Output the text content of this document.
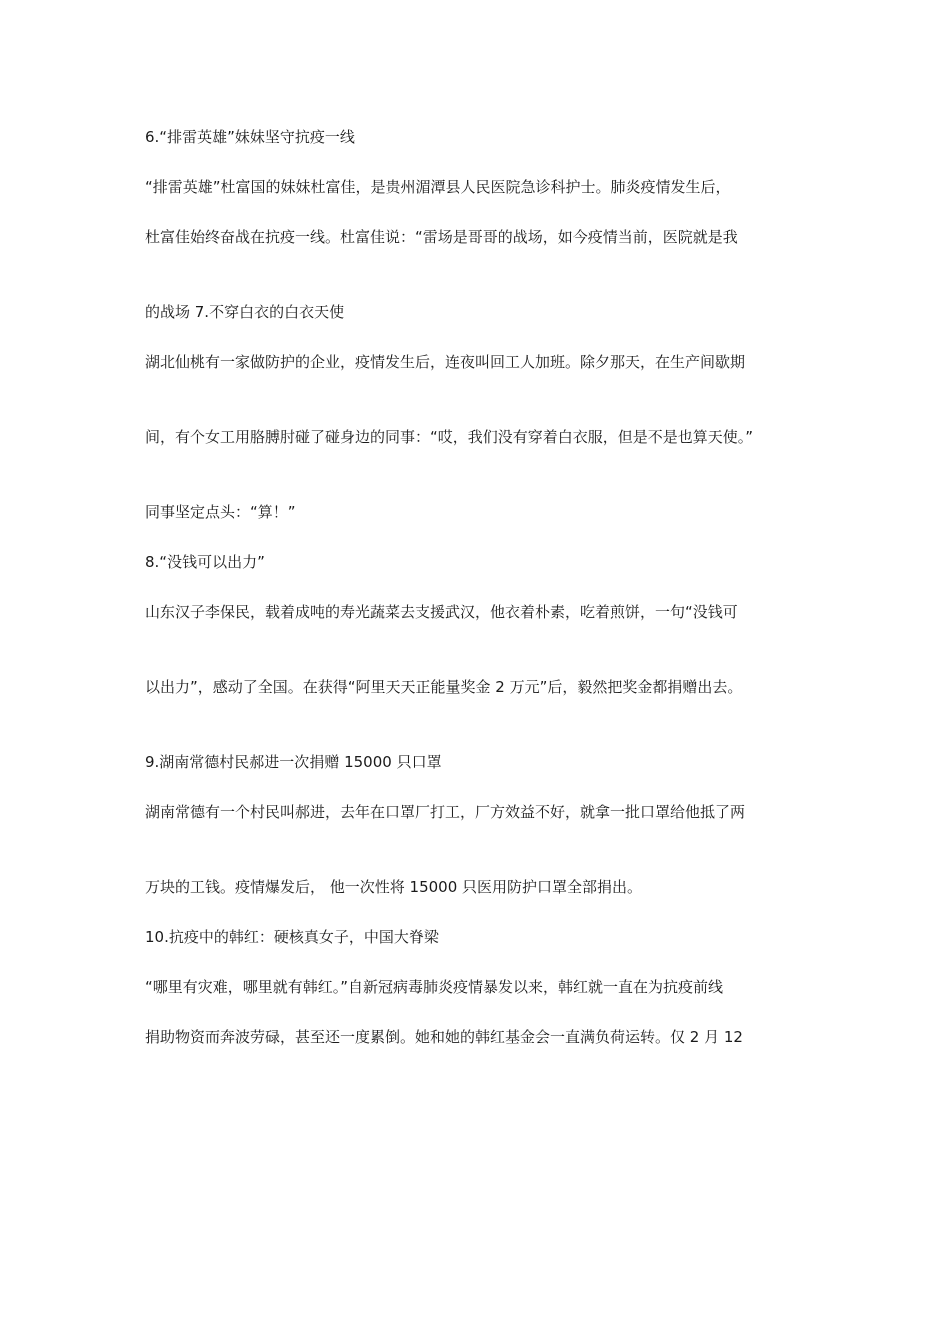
6.“排雷英雄”妹妹坚守抗疫一线

“排雷英雄”杜富国的妹妹杜富佳，是贵州湄潭县人民医院急诊科护士。肺炎疫情发生后，

杜富佳始终奋战在抗疫一线。杜富佳说：“雷场是哥哥的战场，如今疫情当前，医院就是我

的战场 7.不穿白衣的白衣天使

湖北仙桃有一家做防护的企业，疫情发生后，连夜叫回工人加班。除夕那天，在生产间歇期

间，有个女工用胳膊肘碰了碰身边的同事：“哎，我们没有穿着白衣服，但是不是也算天使。”

同事坚定点头：“算！”

8.“没钱可以出力”

山东汉子李保民，载着成吨的寿光蔬菜去支援武汉，他衣着朴素，吃着煎饼，一句“没钱可

以出力”，感动了全国。在获得“阿里天天正能量奖金 2 万元”后，毅然把奖金都捐赠出去。

9.湖南常德村民郝进一次捐赠 15000 只口罩

湖南常德有一个村民叫郝进，去年在口罩厂打工，厂方效益不好，就拿一批口罩给他抵了两

万块的工钱。疫情爆发后， 他一次性将 15000 只医用防护口罩全部捐出。

10.抗疫中的韩红：硬核真女子，中国大脊梁

“哪里有灾难，哪里就有韩红。”自新冠病毒肺炎疫情暴发以来，韩红就一直在为抗疫前线

捐助物资而奔波劳碌，甚至还一度累倒。她和她的韩红基金会一直满负荷运转。仅 2 月 12
